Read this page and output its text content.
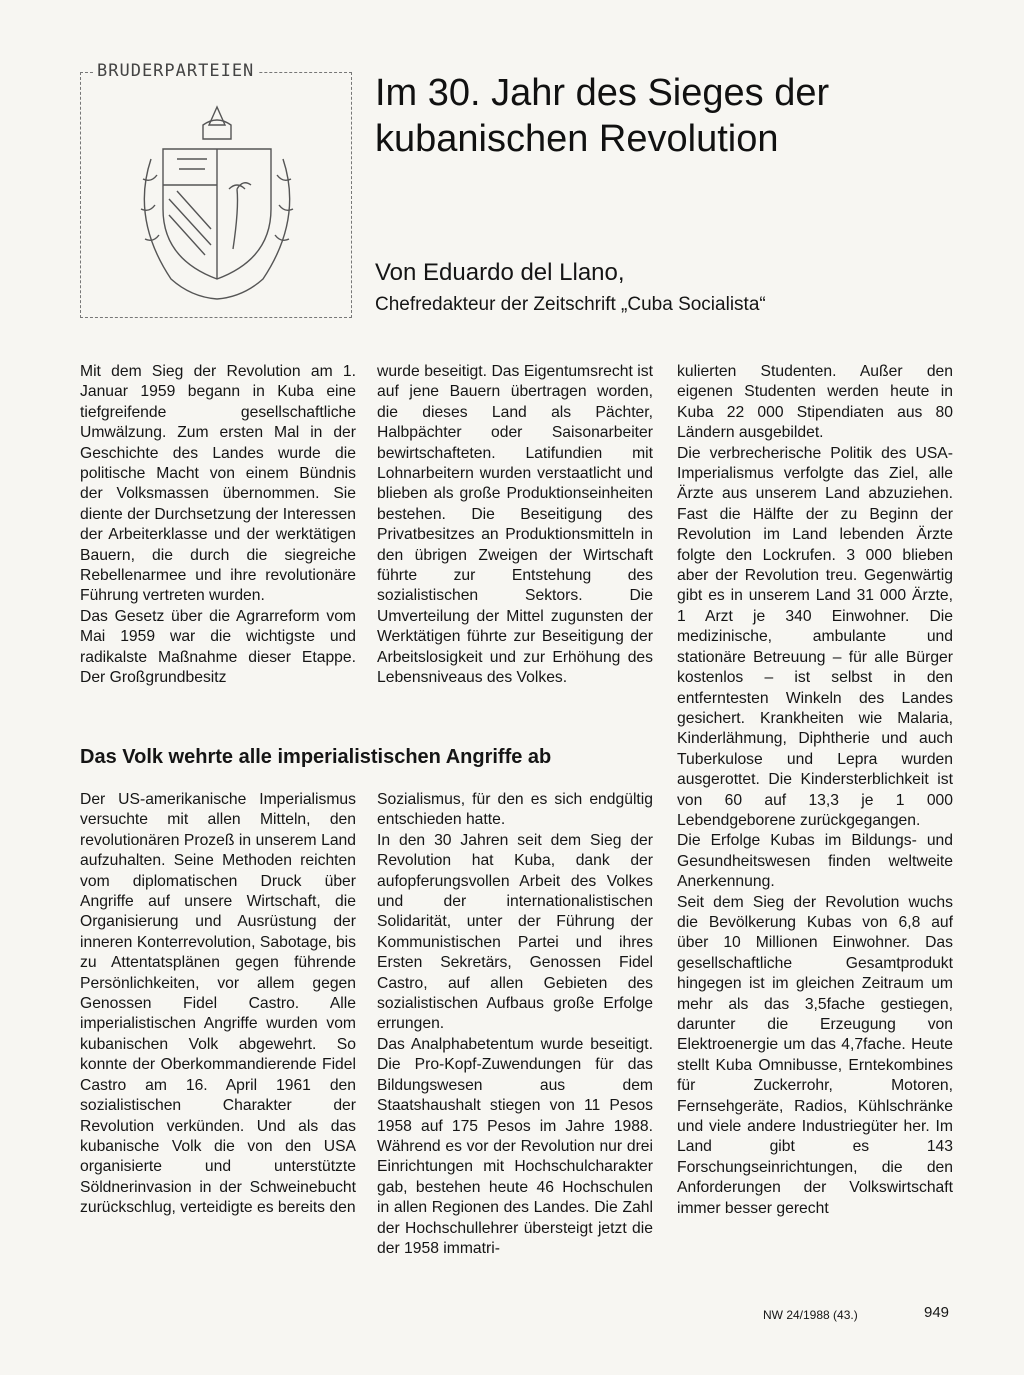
BRUDERPARTEIEN
Im 30. Jahr des Sieges der kubanischen Revolution

Von Eduardo del Llano,

Chefredakteur der Zeitschrift „Cuba Socialista“

Mit dem Sieg der Revolution am 1. Januar 1959 begann in Kuba eine tiefgreifende gesellschaftliche Umwälzung. Zum ersten Mal in der Geschichte des Landes wurde die politische Macht von einem Bündnis der Volksmassen übernommen. Sie diente der Durchsetzung der Interessen der Arbeiterklasse und der werktätigen Bauern, die durch die siegreiche Rebellenarmee und ihre revolutionäre Führung vertreten wurden.

Das Gesetz über die Agrarreform vom Mai 1959 war die wichtigste und radikalste Maßnahme dieser Etappe. Der Großgrundbesitz

wurde beseitigt. Das Eigentumsrecht ist auf jene Bauern übertragen worden, die dieses Land als Pächter, Halbpächter oder Saisonarbeiter bewirtschafteten. Latifundien mit Lohnarbeitern wurden verstaatlicht und blieben als große Produktionseinheiten bestehen. Die Beseitigung des Privatbesitzes an Produktionsmitteln in den übrigen Zweigen der Wirtschaft führte zur Entstehung des sozialistischen Sektors. Die Umverteilung der Mittel zugunsten der Werktätigen führte zur Beseitigung der Arbeitslosigkeit und zur Erhöhung des Lebensniveaus des Volkes.

Das Volk wehrte alle imperialistischen Angriffe ab

Der US-amerikanische Imperialismus versuchte mit allen Mitteln, den revolutionären Prozeß in unserem Land aufzuhalten. Seine Methoden reichten vom diplomatischen Druck über Angriffe auf unsere Wirtschaft, die Organisierung und Ausrüstung der inneren Konterrevolution, Sabotage, bis zu Attentatsplänen gegen führende Persönlichkeiten, vor allem gegen Genossen Fidel Castro. Alle imperialistischen Angriffe wurden vom kubanischen Volk abgewehrt. So konnte der Oberkommandierende Fidel Castro am 16. April 1961 den sozialistischen Charakter der Revolution verkünden. Und als das kubanische Volk die von den USA organisierte und unterstützte Söldnerinvasion in der Schweinebucht zurückschlug, verteidigte es bereits den

Sozialismus, für den es sich endgültig entschieden hatte.

In den 30 Jahren seit dem Sieg der Revolution hat Kuba, dank der aufopferungsvollen Arbeit des Volkes und der internationalistischen Solidarität, unter der Führung der Kommunistischen Partei und ihres Ersten Sekretärs, Genossen Fidel Castro, auf allen Gebieten des sozialistischen Aufbaus große Erfolge errungen.

Das Analphabetentum wurde beseitigt. Die Pro-Kopf-Zuwendungen für das Bildungswesen aus dem Staatshaushalt stiegen von 11 Pesos 1958 auf 175 Pesos im Jahre 1988. Während es vor der Revolution nur drei Einrichtungen mit Hochschulcharakter gab, bestehen heute 46 Hochschulen in allen Regionen des Landes. Die Zahl der Hochschullehrer übersteigt jetzt die der 1958 immatri-

kulierten Studenten. Außer den eigenen Studenten werden heute in Kuba 22 000 Stipendiaten aus 80 Ländern ausgebildet.

Die verbrecherische Politik des USA-Imperialismus verfolgte das Ziel, alle Ärzte aus unserem Land abzuziehen. Fast die Hälfte der zu Beginn der Revolution im Land lebenden Ärzte folgte den Lockrufen. 3 000 blieben aber der Revolution treu. Gegenwärtig gibt es in unserem Land 31 000 Ärzte, 1 Arzt je 340 Einwohner. Die medizinische, ambulante und stationäre Betreuung – für alle Bürger kostenlos – ist selbst in den entferntesten Winkeln des Landes gesichert. Krankheiten wie Malaria, Kinderlähmung, Diphtherie und auch Tuberkulose und Lepra wurden ausgerottet. Die Kindersterblichkeit ist von 60 auf 13,3 je 1 000 Lebendgeborene zurückgegangen.

Die Erfolge Kubas im Bildungs- und Gesundheitswesen finden weltweite Anerkennung.

Seit dem Sieg der Revolution wuchs die Bevölkerung Kubas von 6,8 auf über 10 Millionen Einwohner. Das gesellschaftliche Gesamtprodukt hingegen ist im gleichen Zeitraum um mehr als das 3,5fache gestiegen, darunter die Erzeugung von Elektroenergie um das 4,7fache. Heute stellt Kuba Omnibusse, Erntekombines für Zuckerrohr, Motoren, Fernsehgeräte, Radios, Kühlschränke und viele andere Industriegüter her. Im Land gibt es 143 Forschungseinrichtungen, die den Anforderungen der Volkswirtschaft immer besser gerecht

NW 24/1988 (43.)	949
